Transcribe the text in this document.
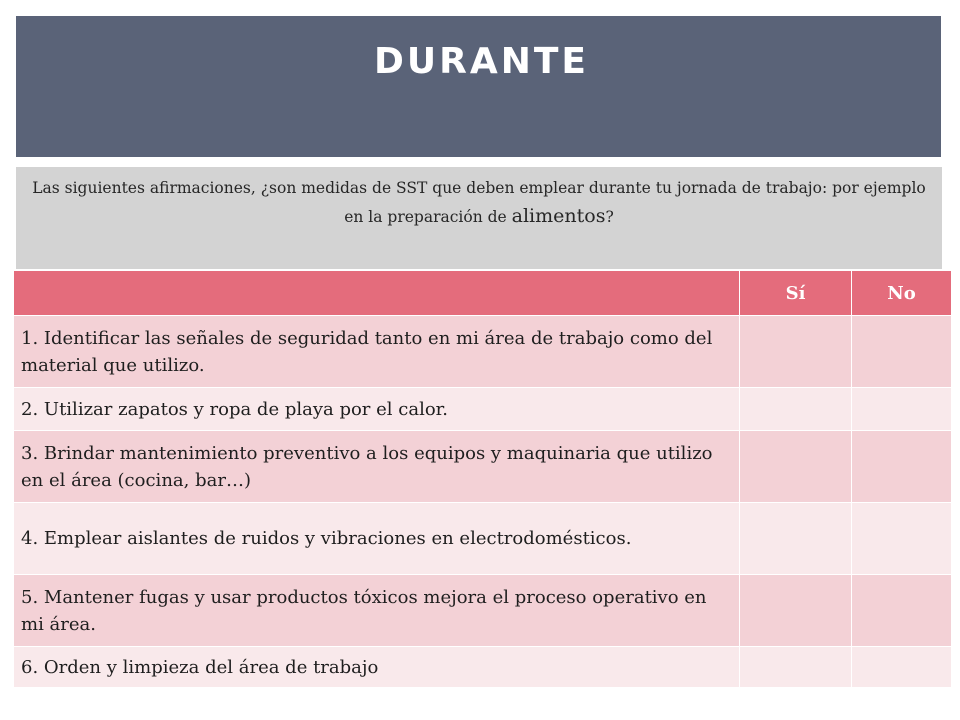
DURANTE
Las siguientes afirmaciones, ¿son medidas de SST que deben emplear durante tu jornada de trabajo: por ejemplo en la preparación de alimentos?
	Sí	No
1. Identificar las señales de seguridad tanto en mi área de trabajo como del material que utilizo.		
2. Utilizar zapatos y ropa de playa por el calor.		
3. Brindar mantenimiento preventivo a los equipos y maquinaria que utilizo en el área (cocina, bar…)		
4. Emplear aislantes de ruidos y vibraciones en electrodomésticos.		
5. Mantener fugas y usar productos tóxicos mejora el proceso operativo en mi área.		
6. Orden y limpieza del área de trabajo		
